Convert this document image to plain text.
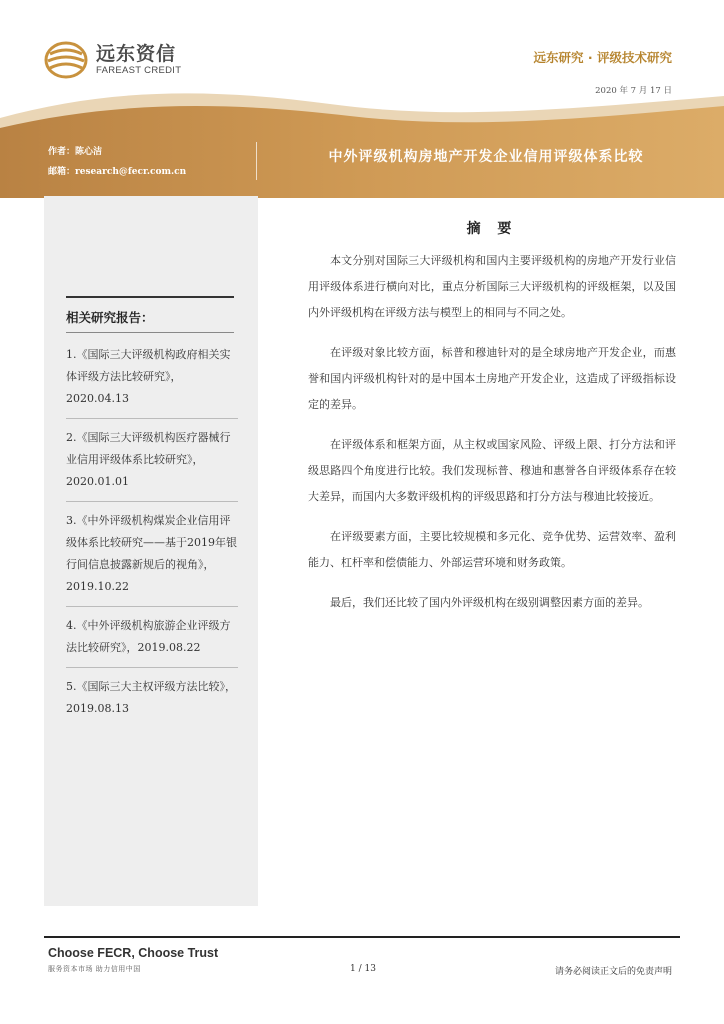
远东资信
FAREAST CREDIT
远东研究 · 评级技术研究
2020 年 7 月 17 日
作者：陈心洁
邮箱：research@fecr.com.cn
中外评级机构房地产开发企业信用评级体系比较
相关研究报告：
1.《国际三大评级机构政府相关实体评级方法比较研究》，2020.04.13
2.《国际三大评级机构医疗器械行业信用评级体系比较研究》，2020.01.01
3.《中外评级机构煤炭企业信用评级体系比较研究——基于2019年银行间信息披露新规后的视角》，2019.10.22
4.《中外评级机构旅游企业评级方法比较研究》，2019.08.22
5.《国际三大主权评级方法比较》，2019.08.13
摘 要

本文分别对国际三大评级机构和国内主要评级机构的房地产开发行业信用评级体系进行横向对比，重点分析国际三大评级机构的评级框架，以及国内外评级机构在评级方法与模型上的相同与不同之处。

在评级对象比较方面，标普和穆迪针对的是全球房地产开发企业，而惠誉和国内评级机构针对的是中国本土房地产开发企业，这造成了评级指标设定的差异。

在评级体系和框架方面，从主权或国家风险、评级上限、打分方法和评级思路四个角度进行比较。我们发现标普、穆迪和惠誉各自评级体系存在较大差异，而国内大多数评级机构的评级思路和打分方法与穆迪比较接近。

在评级要素方面，主要比较规模和多元化、竞争优势、运营效率、盈利能力、杠杆率和偿债能力、外部运营环境和财务政策。

最后，我们还比较了国内外评级机构在级别调整因素方面的差异。

Choose FECR, Choose Trust
服务资本市场 助力信用中国	1 / 13	请务必阅读正文后的免责声明
